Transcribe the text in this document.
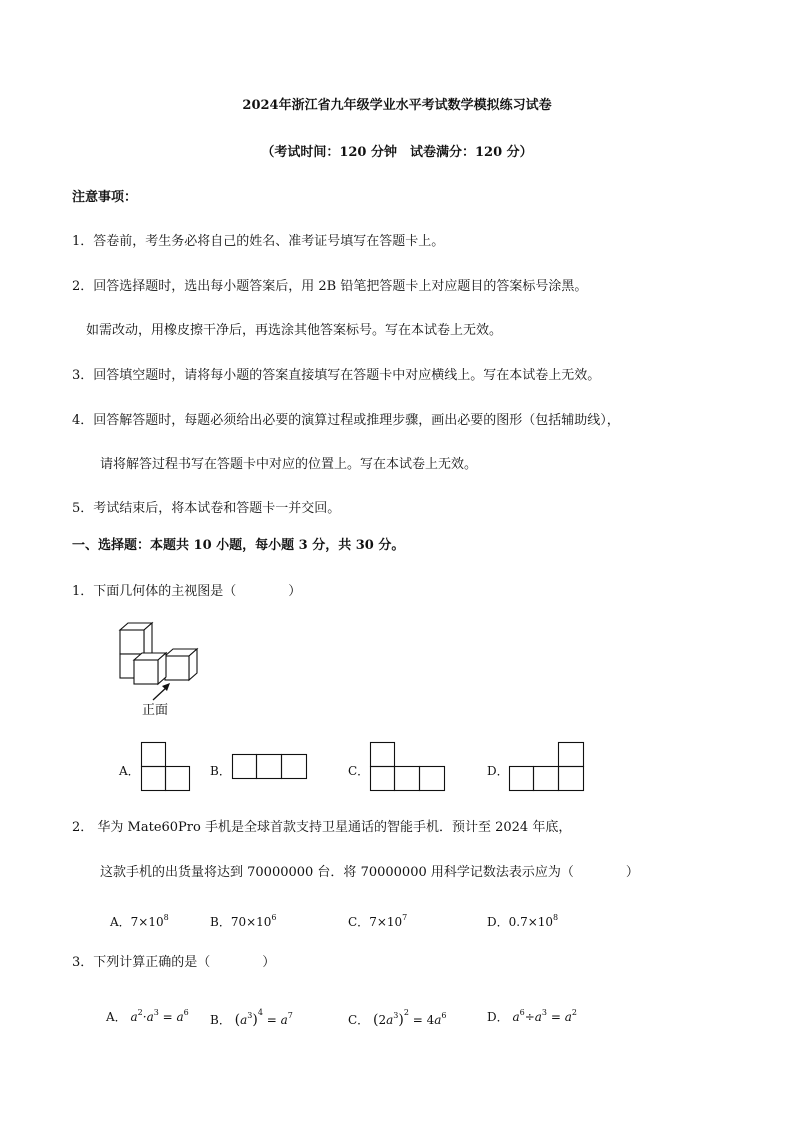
2024年浙江省九年级学业水平考试数学模拟练习试卷
（考试时间：120 分钟　试卷满分：120 分）
注意事项：
1．答卷前，考生务必将自己的姓名、准考证号填写在答题卡上。
2．回答选择题时，选出每小题答案后，用 2B 铅笔把答题卡上对应题目的答案标号涂黑。
如需改动，用橡皮擦干净后，再选涂其他答案标号。写在本试卷上无效。
3．回答填空题时，请将每小题的答案直接填写在答题卡中对应横线上。写在本试卷上无效。
4．回答解答题时，每题必须给出必要的演算过程或推理步骤，画出必要的图形（包括辅助线），
请将解答过程书写在答题卡中对应的位置上。写在本试卷上无效。
5．考试结束后，将本试卷和答题卡一并交回。
一、选择题：本题共 10 小题，每小题 3 分，共 30 分。
1．下面几何体的主视图是（　　　　）
正面
A．	B．	C．	D．
2． 华为 Mate60Pro 手机是全球首款支持卫星通话的智能手机．预计至 2024 年底，
这款手机的出货量将达到 70000000 台．将 70000000 用科学记数法表示应为（　　　　）
A．$7\times 10^8$	B．$70\times 10^6$	C．$7\times 10^7$	D．$0.7\times 10^8$
3．下列计算正确的是（　　　　）
A． $a^2\cdot a^3 = a^6$
B． $(a^3)^4 = a^7$	C． $(2a^3)^2 = 4a^6$	D． $a^6\div a^3 = a^2$
